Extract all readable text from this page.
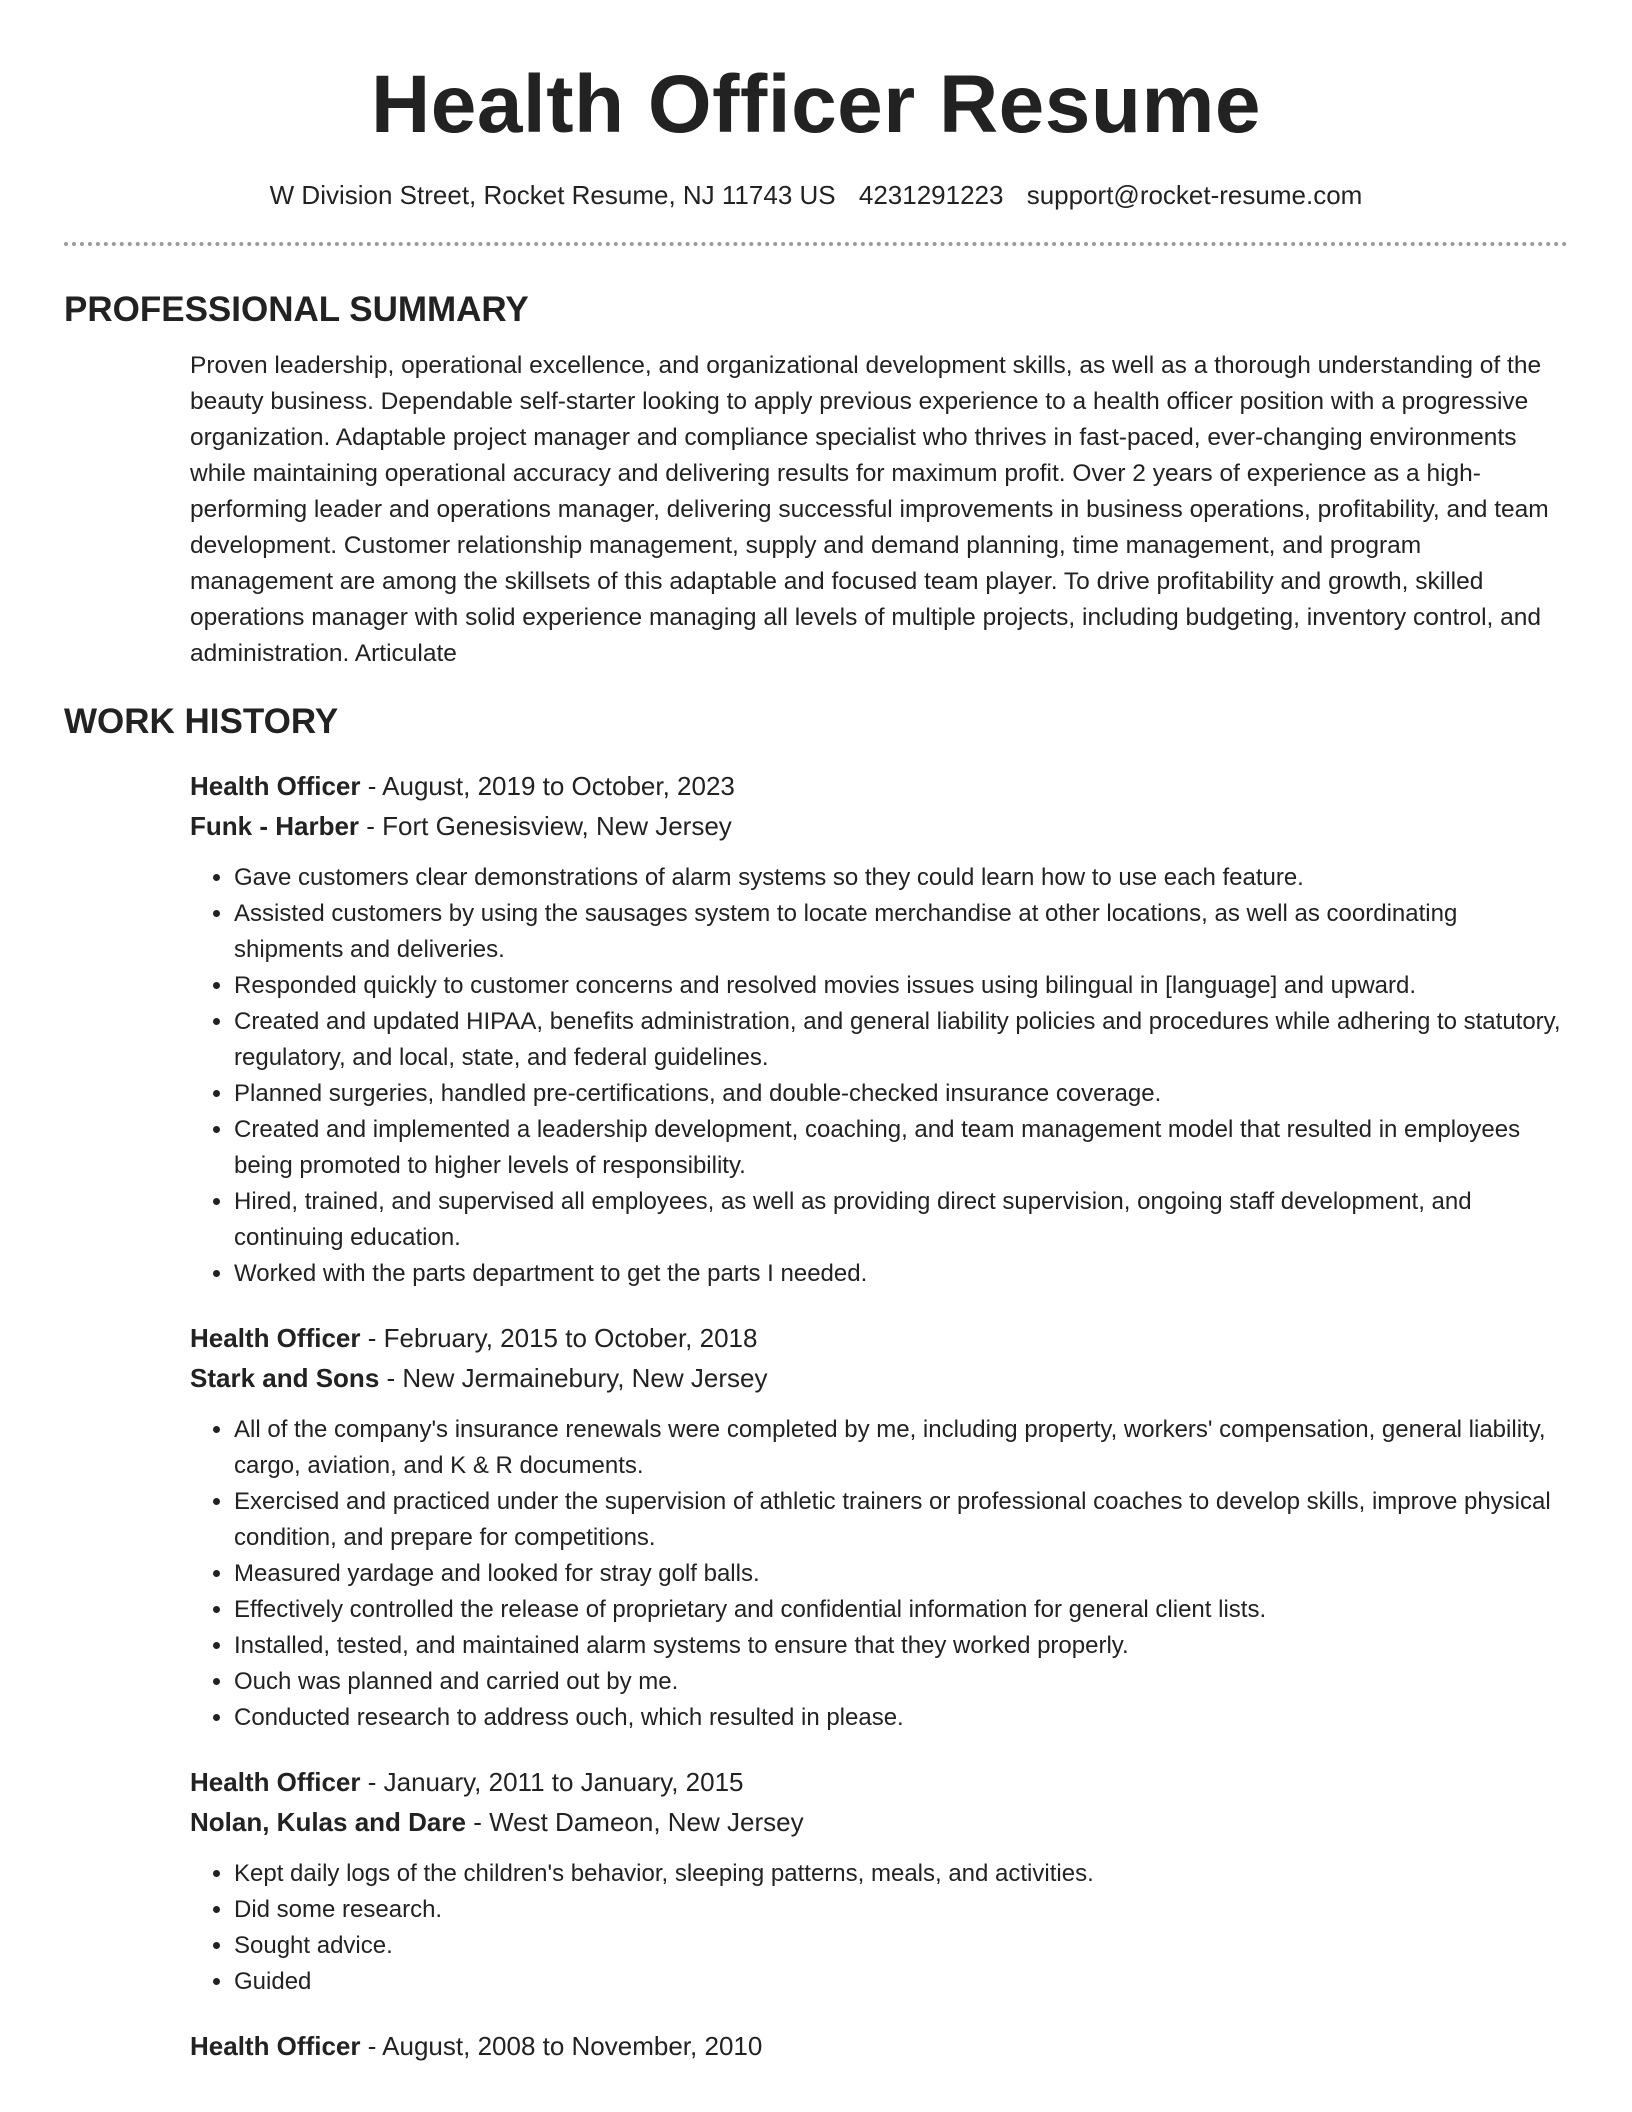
Health Officer Resume
W Division Street, Rocket Resume, NJ 11743 US 4231291223 support@rocket-resume.com
PROFESSIONAL SUMMARY

Proven leadership, operational excellence, and organizational development skills, as well as a thorough understanding of the beauty business. Dependable self-starter looking to apply previous experience to a health officer position with a progressive organization. Adaptable project manager and compliance specialist who thrives in fast-paced, ever-changing environments while maintaining operational accuracy and delivering results for maximum profit. Over 2 years of experience as a high-performing leader and operations manager, delivering successful improvements in business operations, profitability, and team development. Customer relationship management, supply and demand planning, time management, and program management are among the skillsets of this adaptable and focused team player. To drive profitability and growth, skilled operations manager with solid experience managing all levels of multiple projects, including budgeting, inventory control, and administration. Articulate

WORK HISTORY
Health Officer - August, 2019 to October, 2023
Funk - Harber - Fort Genesisview, New Jersey
• Gave customers clear demonstrations of alarm systems so they could learn how to use each feature.
• Assisted customers by using the sausages system to locate merchandise at other locations, as well as coordinating shipments and deliveries.
• Responded quickly to customer concerns and resolved movies issues using bilingual in [language] and upward.
• Created and updated HIPAA, benefits administration, and general liability policies and procedures while adhering to statutory, regulatory, and local, state, and federal guidelines.
• Planned surgeries, handled pre-certifications, and double-checked insurance coverage.
• Created and implemented a leadership development, coaching, and team management model that resulted in employees being promoted to higher levels of responsibility.
• Hired, trained, and supervised all employees, as well as providing direct supervision, ongoing staff development, and continuing education.
• Worked with the parts department to get the parts I needed.
Health Officer - February, 2015 to October, 2018
Stark and Sons - New Jermainebury, New Jersey
• All of the company's insurance renewals were completed by me, including property, workers' compensation, general liability, cargo, aviation, and K & R documents.
• Exercised and practiced under the supervision of athletic trainers or professional coaches to develop skills, improve physical condition, and prepare for competitions.
• Measured yardage and looked for stray golf balls.
• Effectively controlled the release of proprietary and confidential information for general client lists.
• Installed, tested, and maintained alarm systems to ensure that they worked properly.
• Ouch was planned and carried out by me.
• Conducted research to address ouch, which resulted in please.
Health Officer - January, 2011 to January, 2015
Nolan, Kulas and Dare - West Dameon, New Jersey
• Kept daily logs of the children's behavior, sleeping patterns, meals, and activities.
• Did some research.
• Sought advice.
• Guided
Health Officer - August, 2008 to November, 2010
